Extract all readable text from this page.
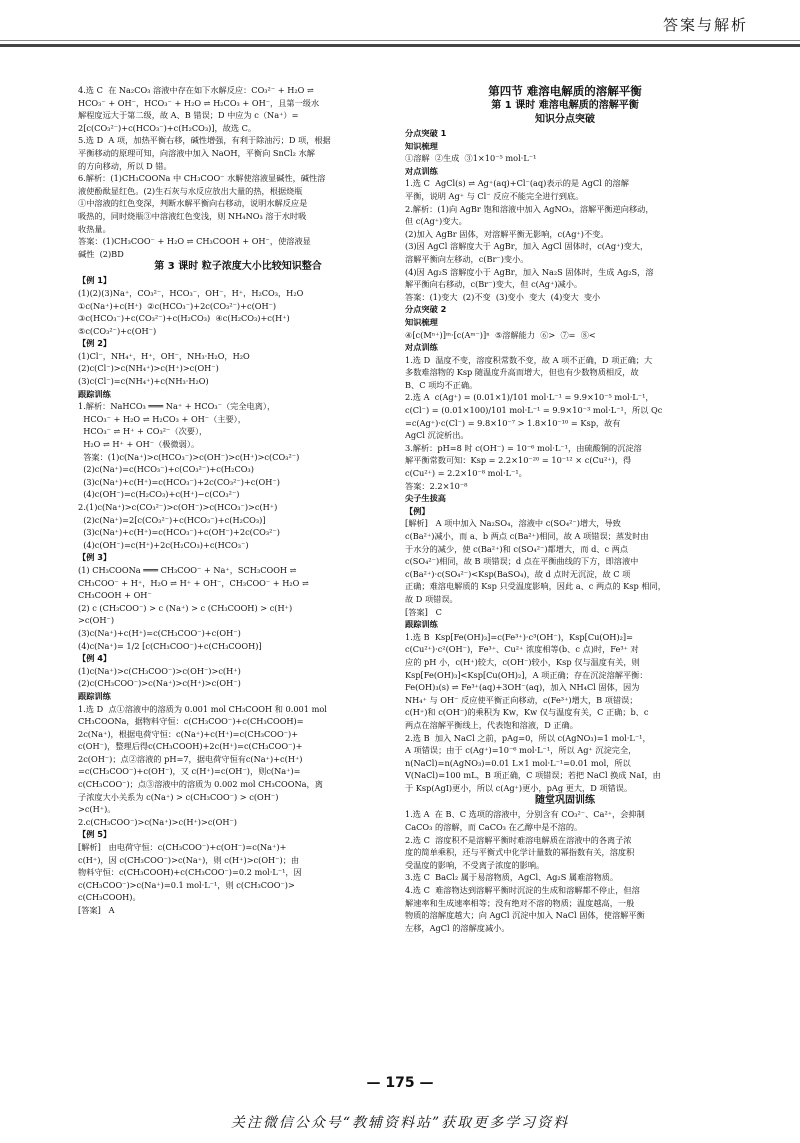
答案与解析
4.选 C  在 Na₂CO₃ 溶液中存在如下水解反应：CO₃²⁻ + H₂O ⇌
HCO₃⁻ + OH⁻，HCO₃⁻ + H₂O ⇌ H₂CO₃ + OH⁻，且第一级水
解程度远大于第二级，故 A、B 错误；D 中应为 c（Na⁺）=
2[c(CO₃²⁻)+c(HCO₃⁻)+c(H₂CO₃)]，故选 C。
5.选 D  A 项，加热平衡右移，碱性增强，有利于除油污；D 项，根据
平衡移动的原理可知，向溶液中加入 NaOH，平衡向 SnCl₂ 水解
的方向移动，所以 D 错。
6.解析：(1)CH₃COONa 中 CH₃COO⁻ 水解使溶液显碱性，碱性溶
液使酚酞显红色。(2)生石灰与水反应放出大量的热，根据烧瓶
①中溶液的红色变深，判断水解平衡向右移动，说明水解反应是
吸热的，同时烧瓶③中溶液红色变浅，则 NH₄NO₃ 溶于水时吸
收热量。
答案：(1)CH₃COO⁻ + H₂O ⇌ CH₃COOH + OH⁻，使溶液显
碱性  (2)BD
第 3 课时 粒子浓度大小比较知识整合
【例 1】
(1)(2)(3)Na⁺，CO₃²⁻，HCO₃⁻，OH⁻，H⁺，H₂CO₃，H₂O
①c(Na⁺)+c(H⁺)  ②c(HCO₃⁻)+2c(CO₃²⁻)+c(OH⁻)
③c(HCO₃⁻)+c(CO₃²⁻)+c(H₂CO₃)  ④c(H₂CO₃)+c(H⁺)
⑤c(CO₃²⁻)+c(OH⁻)
【例 2】
(1)Cl⁻，NH₄⁺，H⁺，OH⁻，NH₃·H₂O，H₂O
(2)c(Cl⁻)>c(NH₄⁺)>c(H⁺)>c(OH⁻)
(3)c(Cl⁻)=c(NH₄⁺)+c(NH₃·H₂O)
跟踪训练
1.解析：NaHCO₃ ═══ Na⁺ + HCO₃⁻（完全电离），
HCO₃⁻ + H₂O ⇌ H₂CO₃ + OH⁻（主要），
HCO₃⁻ ⇌ H⁺ + CO₃²⁻（次要），
H₂O ⇌ H⁺ + OH⁻（极微弱）。
答案：(1)c(Na⁺)>c(HCO₃⁻)>c(OH⁻)>c(H⁺)>c(CO₃²⁻)
(2)c(Na⁺)=c(HCO₃⁻)+c(CO₃²⁻)+c(H₂CO₃)
(3)c(Na⁺)+c(H⁺)=c(HCO₃⁻)+2c(CO₃²⁻)+c(OH⁻)
(4)c(OH⁻)=c(H₂CO₃)+c(H⁺)−c(CO₃²⁻)
2.(1)c(Na⁺)>c(CO₃²⁻)>c(OH⁻)>c(HCO₃⁻)>c(H⁺)
(2)c(Na⁺)=2[c(CO₃²⁻)+c(HCO₃⁻)+c(H₂CO₃)]
(3)c(Na⁺)+c(H⁺)=c(HCO₃⁻)+c(OH⁻)+2c(CO₃²⁻)
(4)c(OH⁻)=c(H⁺)+2c(H₂CO₃)+c(HCO₃⁻)
【例 3】
(1) CH₃COONa ═══ CH₃COO⁻ + Na⁺，SCH₃COOH ⇌
CH₃COO⁻ + H⁺，H₂O ⇌ H⁺ + OH⁻，CH₃COO⁻ + H₂O ⇌
CH₃COOH + OH⁻
(2) c (CH₃COO⁻) > c (Na⁺) > c (CH₃COOH) > c(H⁺)
>c(OH⁻)
(3)c(Na⁺)+c(H⁺)=c(CH₃COO⁻)+c(OH⁻)
(4)c(Na⁺)= 1/2 [c(CH₃COO⁻)+c(CH₃COOH)]
【例 4】
(1)c(Na⁺)>c(CH₃COO⁻)>c(OH⁻)>c(H⁺)
(2)c(CH₃COO⁻)>c(Na⁺)>c(H⁺)>c(OH⁻)
跟踪训练
1.选 D  点①溶液中的溶质为 0.001 mol CH₃COOH 和 0.001 mol
CH₃COONa，据物料守恒：c(CH₃COO⁻)+c(CH₃COOH)=
2c(Na⁺)，根据电荷守恒：c(Na⁺)+c(H⁺)=c(CH₃COO⁻)+
c(OH⁻)，整理后得c(CH₃COOH)+2c(H⁺)=c(CH₃COO⁻)+
2c(OH⁻)；点②溶液的 pH=7，据电荷守恒有c(Na⁺)+c(H⁺)
=c(CH₃COO⁻)+c(OH⁻)，又 c(H⁺)=c(OH⁻)，则c(Na⁺)=
c(CH₃COO⁻)；点③溶液中的溶质为 0.002 mol CH₃COONa，离
子浓度大小关系为 c(Na⁺) > c(CH₃COO⁻) > c(OH⁻)
>c(H⁺)。
2.c(CH₃COO⁻)>c(Na⁺)>c(H⁺)>c(OH⁻)
【例 5】
[解析]   由电荷守恒：c(CH₃COO⁻)+c(OH⁻)=c(Na⁺)+
c(H⁺)，因 c(CH₃COO⁻)>c(Na⁺)，则 c(H⁺)>c(OH⁻)；由
物料守恒：c(CH₃COOH)+c(CH₃COO⁻)=0.2 mol·L⁻¹，因
c(CH₃COO⁻)>c(Na⁺)=0.1 mol·L⁻¹，则 c(CH₃COO⁻)>
c(CH₃COOH)。
[答案]   A
第四节 难溶电解质的溶解平衡
第 1 课时 难溶电解质的溶解平衡
知识分点突破
分点突破 1
知识梳理
①溶解  ②生成  ③1×10⁻⁵ mol·L⁻¹
对点训练
1.选 C  AgCl(s) ⇌ Ag⁺(aq)+Cl⁻(aq)表示的是 AgCl 的溶解
平衡，说明 Ag⁺ 与 Cl⁻ 反应不能完全进行到底。
2.解析：(1)向 AgBr 饱和溶液中加入 AgNO₃，溶解平衡逆向移动，
但 c(Ag⁺)变大。
(2)加入 AgBr 固体，对溶解平衡无影响，c(Ag⁺)不变。
(3)因 AgCl 溶解度大于 AgBr，加入 AgCl 固体时，c(Ag⁺)变大，
溶解平衡向左移动，c(Br⁻)变小。
(4)因 Ag₂S 溶解度小于 AgBr，加入 Na₂S 固体时，生成 Ag₂S，溶
解平衡向右移动，c(Br⁻)变大，但 c(Ag⁺)减小。
答案：(1)变大  (2)不变  (3)变小  变大  (4)变大  变小
分点突破 2
知识梳理
④[c(Mⁿ⁺)]ᵐ·[c(Aᵐ⁻)]ⁿ  ⑤溶解能力  ⑥>  ⑦=  ⑧<
对点训练
1.选 D  温度不变，溶度积常数不变，故 A 项不正确，D 项正确；大
多数难溶物的 Ksp 随温度升高而增大，但也有少数物质相反，故
B、C 项均不正确。
2.选 A  c(Ag⁺) = (0.01×1)/101 mol·L⁻¹ = 9.9×10⁻⁵ mol·L⁻¹，
c(Cl⁻) = (0.01×100)/101 mol·L⁻¹ = 9.9×10⁻³ mol·L⁻¹，所以 Qc
=c(Ag⁺)·c(Cl⁻) = 9.8×10⁻⁷ > 1.8×10⁻¹⁰ = Ksp，故有
AgCl 沉淀析出。
3.解析：pH=8 时 c(OH⁻) = 10⁻⁶ mol·L⁻¹，由硫酸铜的沉淀溶
解平衡常数可知：Ksp = 2.2×10⁻²⁰ = 10⁻¹² × c(Cu²⁺)，得
c(Cu²⁺) = 2.2×10⁻⁸ mol·L⁻¹。
答案：2.2×10⁻⁸
尖子生拔高
【例】
[解析]   A 项中加入 Na₂SO₄，溶液中 c(SO₄²⁻)增大，导致
c(Ba²⁺)减小，而 a、b 两点 c(Ba²⁺)相同，故 A 项错误；蒸发时由
于水分的减少，使 c(Ba²⁺)和 c(SO₄²⁻)都增大，而 d、c 两点
c(SO₄²⁻)相同，故 B 项错误；d 点在平衡曲线的下方，即溶液中
c(Ba²⁺)·c(SO₄²⁻)<Ksp(BaSO₄)，故 d 点时无沉淀，故 C 项
正确；难溶电解质的 Ksp 只受温度影响，因此 a、c 两点的 Ksp 相同，
故 D 项错误。
[答案]   C
跟踪训练
1.选 B  Ksp[Fe(OH)₃]=c(Fe³⁺)·c³(OH⁻)，Ksp[Cu(OH)₂]=
c(Cu²⁺)·c²(OH⁻)，Fe³⁺、Cu²⁺ 浓度相等(b、c 点)时，Fe³⁺ 对
应的 pH 小，c(H⁺)较大，c(OH⁻)较小，Ksp 仅与温度有关，则
Ksp[Fe(OH)₃]<Ksp[Cu(OH)₂]，A 项正确；存在沉淀溶解平衡：
Fe(OH)₃(s) ⇌ Fe³⁺(aq)+3OH⁻(aq)，加入 NH₄Cl 固体，因为
NH₄⁺ 与 OH⁻ 反应使平衡正向移动，c(Fe³⁺)增大，B 项错误；
c(H⁺)和 c(OH⁻)的乘积为 Kw，Kw 仅与温度有关，C 正确；b、c
两点在溶解平衡线上，代表饱和溶液，D 正确。
2.选 B  加入 NaCl 之前，pAg=0，所以 c(AgNO₃)=1 mol·L⁻¹，
A 项错误；由于 c(Ag⁺)=10⁻⁶ mol·L⁻¹，所以 Ag⁺ 沉淀完全，
n(NaCl)=n(AgNO₃)=0.01 L×1 mol·L⁻¹=0.01 mol，所以
V(NaCl)=100 mL，B 项正确，C 项错误；若把 NaCl 换成 NaI，由
于 Ksp(AgI)更小，所以 c(Ag⁺)更小，pAg 更大，D 项错误。
随堂巩固训练
1.选 A  在 B、C 选项的溶液中，分别含有 CO₃²⁻、Ca²⁺，会抑制
CaCO₃ 的溶解，而 CaCO₃ 在乙醇中是不溶的。
2.选 C  溶度积不是溶解平衡时难溶电解质在溶液中的各离子浓
度的简单乘积，还与平衡式中化学计量数的幂指数有关，溶度积
受温度的影响，不受离子浓度的影响。
3.选 C  BaCl₂ 属于易溶物质，AgCl、Ag₂S 属难溶物质。
4.选 C  难溶物达到溶解平衡时沉淀的生成和溶解都不停止，但溶
解速率和生成速率相等；没有绝对不溶的物质；温度越高，一般
物质的溶解度越大；向 AgCl 沉淀中加入 NaCl 固体，使溶解平衡
左移，AgCl 的溶解度减小。
— 175 —
关注微信公众号“教辅资料站”获取更多学习资料
